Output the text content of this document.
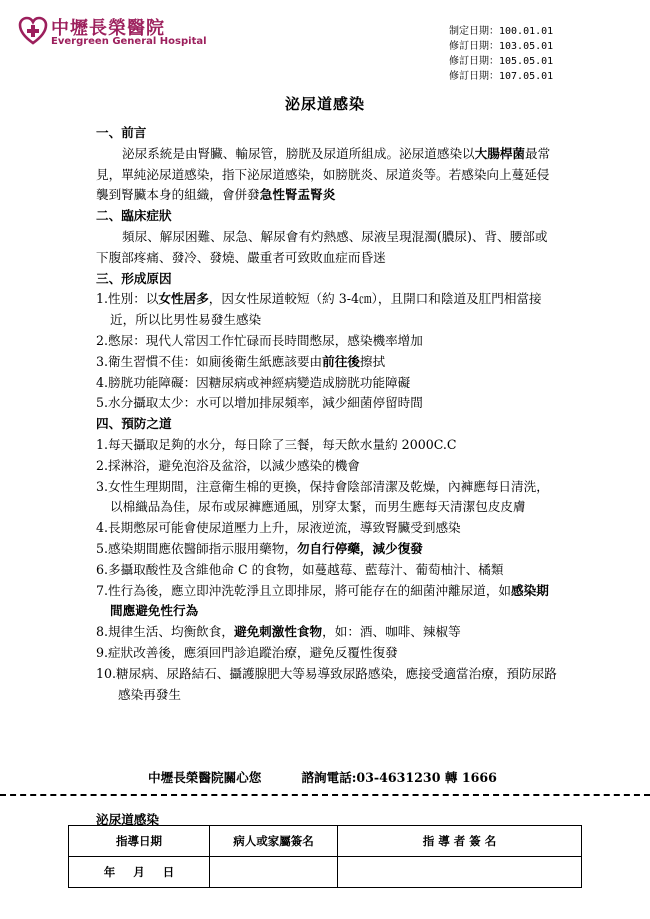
中壢長榮醫院
Evergreen General Hospital
制定日期：100.01.01
修訂日期：103.05.01
修訂日期：105.05.01
修訂日期：107.05.01
泌尿道感染
一、前言
泌尿系統是由腎臟、輸尿管，膀胱及尿道所組成。泌尿道感染以大腸桿菌最常見，單純泌尿道感染，指下泌尿道感染，如膀胱炎、尿道炎等。若感染向上蔓延侵襲到腎臟本身的組織，會併發急性腎盂腎炎
二、臨床症狀
頻尿、解尿困難、尿急、解尿會有灼熱感、尿液呈現混濁(膿尿)、背、腰部或下腹部疼痛、發冷、發燒、嚴重者可致敗血症而昏迷
三、形成原因
1.性別：以女性居多，因女性尿道較短（約 3-4㎝），且開口和陰道及肛門相當接近，所以比男性易發生感染
2.憋尿：現代人常因工作忙碌而長時間憋尿，感染機率增加
3.衛生習慣不佳：如廁後衛生紙應該要由前往後擦拭
4.膀胱功能障礙：因糖尿病或神經病變造成膀胱功能障礙
5.水分攝取太少：水可以增加排尿頻率，減少細菌停留時間
四、預防之道
1.每天攝取足夠的水分，每日除了三餐，每天飲水量約 2000C.C
2.採淋浴，避免泡浴及盆浴，以減少感染的機會
3.女性生理期間，注意衛生棉的更換，保持會陰部清潔及乾燥，內褲應每日清洗，以棉織品為佳，尿布或尿褲應通風，別穿太緊，而男生應每天清潔包皮皮膚
4.長期憋尿可能會使尿道壓力上升，尿液逆流，導致腎臟受到感染
5.感染期間應依醫師指示服用藥物，勿自行停藥，減少復發
6.多攝取酸性及含維他命 C 的食物，如蔓越莓、藍莓汁、葡萄柚汁、橘類
7.性行為後，應立即沖洗乾淨且立即排尿，將可能存在的細菌沖離尿道，如感染期間應避免性行為
8.規律生活、均衡飲食，避免刺激性食物，如：酒、咖啡、辣椒等
9.症狀改善後，應須回門診追蹤治療，避免反覆性復發
10.糖尿病、尿路結石、攝護腺肥大等易導致尿路感染，應接受適當治療，預防尿路感染再發生
中壢長榮醫院關心您	諮詢電話:03-4631230 轉 1666
泌尿道感染
指導日期	病人或家屬簽名	指 導 者 簽 名
年 月 日		
